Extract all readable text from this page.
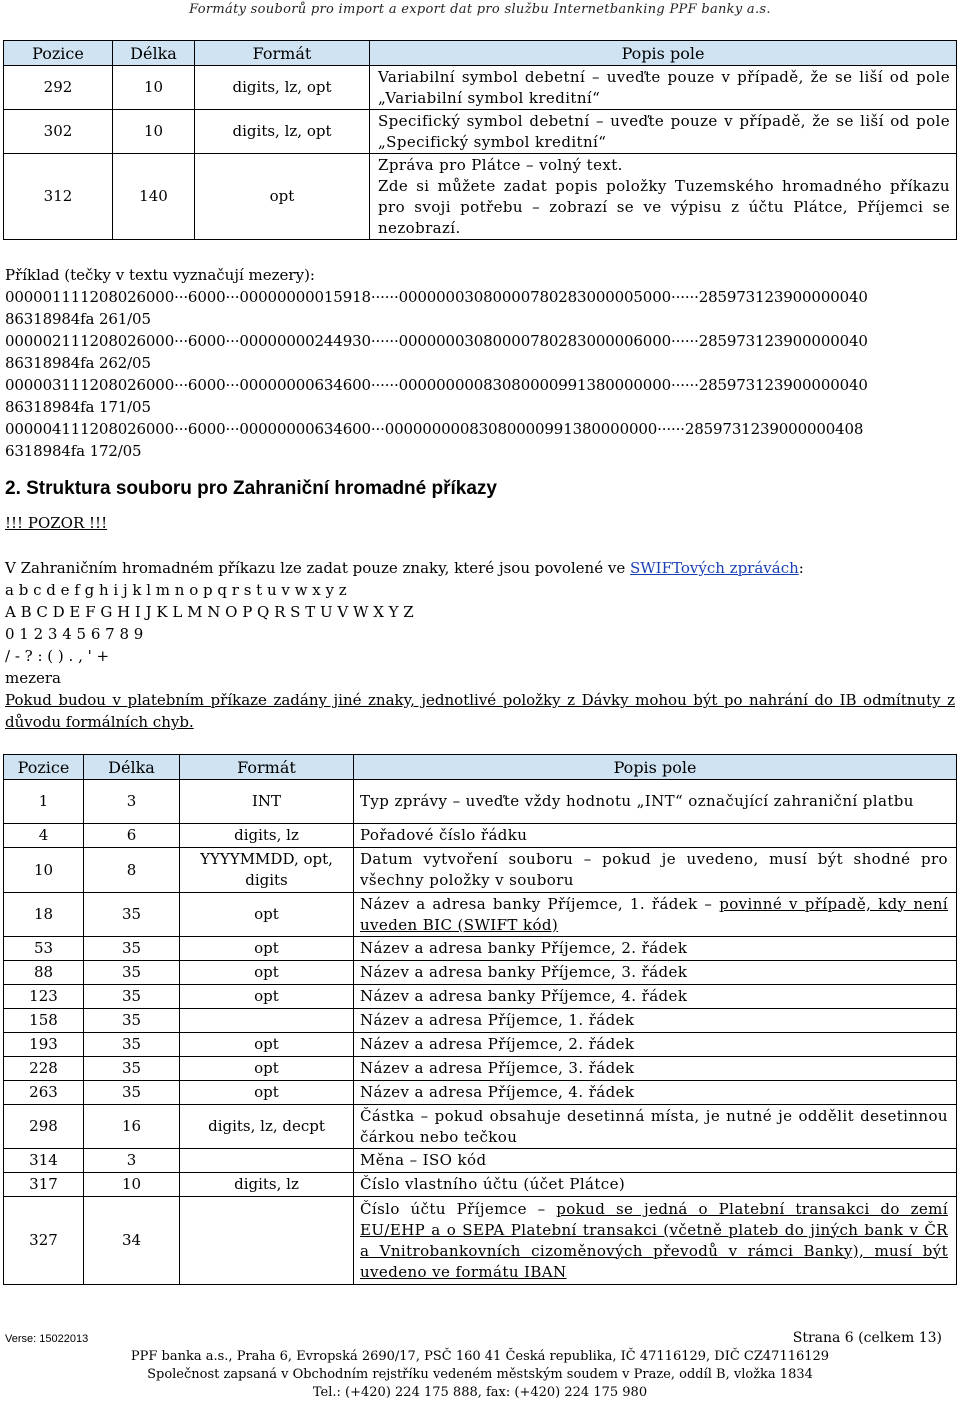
Formáty souborů pro import a export dat pro službu Internetbanking PPF banky a.s.
Pozice	Délka	Formát	Popis pole
292	10	digits, lz, opt	Variabilní symbol debetní – uveďte pouze v případě, že se liší od pole „Variabilní symbol kreditní“
302	10	digits, lz, opt	Specifický symbol debetní – uveďte pouze v případě, že se liší od pole „Specifický symbol kreditní“
312	140	opt	Zpráva pro Plátce – volný text.
Zde si můžete zadat popis položky Tuzemského hromadného příkazu pro svoji potřebu – zobrazí se ve výpisu z účtu Plátce, Příjemci se nezobrazí.
Příklad (tečky v textu vyznačují mezery):
000001111208026000···6000···00000000015918······00000003080000780283000005000······285973123900000040
86318984fa 261/05
000002111208026000···6000···00000000244930······00000003080000780283000006000······285973123900000040
86318984fa 262/05
000003111208026000···6000···00000000634600······00000000083080000991380000000······285973123900000040
86318984fa 171/05
000004111208026000···6000···00000000634600···00000000083080000991380000000······2859731239000000408
6318984fa 172/05
2. Struktura souboru pro Zahraniční hromadné příkazy
!!! POZOR !!!
V Zahraničním hromadném příkazu lze zadat pouze znaky, které jsou povolené ve SWIFTových zprávách:
a b c d e f g h i j k l m n o p q r s t u v w x y z
A B C D E F G H I J K L M N O P Q R S T U V W X Y Z
0 1 2 3 4 5 6 7 8 9
/ - ? : ( ) . , ' +
mezera
Pokud budou v platebním příkaze zadány jiné znaky, jednotlivé položky z Dávky mohou být po nahrání do IB odmítnuty z důvodu formálních chyb.
Pozice	Délka	Formát	Popis pole
1	3	INT	Typ zprávy – uveďte vždy hodnotu „INT“ označující zahraniční platbu
4	6	digits, lz	Pořadové číslo řádku
10	8	YYYYMMDD, opt, digits	Datum vytvoření souboru – pokud je uvedeno, musí být shodné pro všechny položky v souboru
18	35	opt	Název a adresa banky Příjemce, 1. řádek – povinné v případě, kdy není uveden BIC (SWIFT kód)
53	35	opt	Název a adresa banky Příjemce, 2. řádek
88	35	opt	Název a adresa banky Příjemce, 3. řádek
123	35	opt	Název a adresa banky Příjemce, 4. řádek
158	35		Název a adresa Příjemce, 1. řádek
193	35	opt	Název a adresa Příjemce, 2. řádek
228	35	opt	Název a adresa Příjemce, 3. řádek
263	35	opt	Název a adresa Příjemce, 4. řádek
298	16	digits, lz, decpt	Částka – pokud obsahuje desetinná místa, je nutné je oddělit desetinnou čárkou nebo tečkou
314	3		Měna – ISO kód
317	10	digits, lz	Číslo vlastního účtu (účet Plátce)
327	34		Číslo účtu Příjemce – pokud se jedná o Platební transakci do zemí EU/EHP a o SEPA Platební transakci (včetně plateb do jiných bank v ČR a Vnitrobankovních cizoměnových převodů v rámci Banky), musí být uvedeno ve formátu IBAN
Verse: 15022013	Strana 6 (celkem 13)
PPF banka a.s., Praha 6, Evropská 2690/17, PSČ 160 41 Česká republika, IČ 47116129, DIČ CZ47116129
Společnost zapsaná v Obchodním rejstříku vedeném městským soudem v Praze, oddíl B, vložka 1834
Tel.: (+420) 224 175 888, fax: (+420) 224 175 980
